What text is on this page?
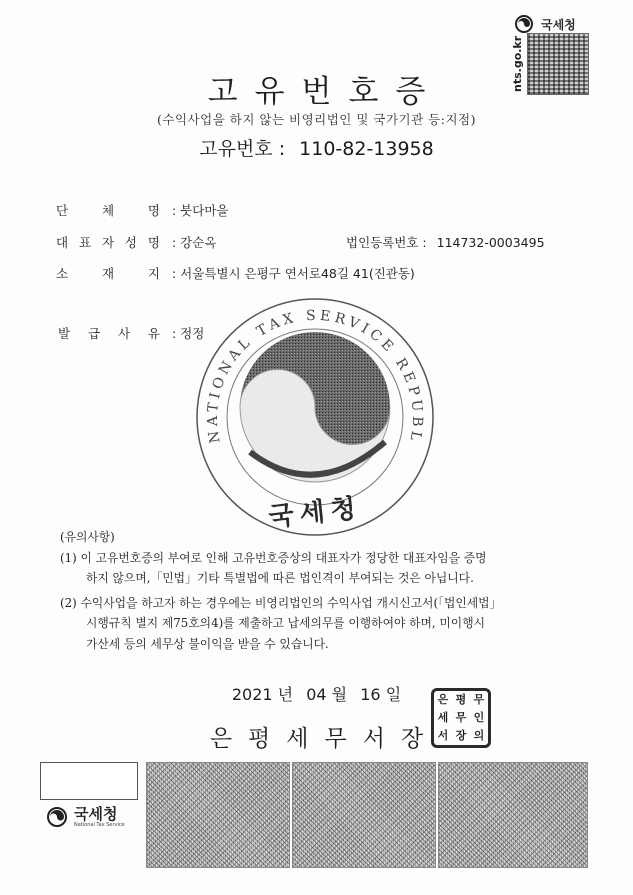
국세청
nts.go.kr
고유번호증
(수익사업을 하지 않는 비영리법인 및 국가기관 등:지점)
고유번호 : 110-82-13958
단	체	명 : 붓다마을
대 표 자 성 명 : 강순옥	법인등록번호 : 114732-0003495
소	재	지 : 서울특별시 은평구 연서로48길 41(진관동)
발 급 사 유 : 정정
NATIONAL TAX SERVICE REPUBL
국세청
(유의사항)
(1) 이 고유번호증의 부여로 인해 고유번호증상의 대표자가 정당한 대표자임을 증명
하지 않으며,「민법」기타 특별법에 따른 법인격이 부여되는 것은 아닙니다.
(2) 수익사업을 하고자 하는 경우에는 비영리법인의 수익사업 개시신고서(「법인세법」
시행규칙 별지 제75호의4)를 제출하고 납세의무를 이행하여야 하며, 미이행시
가산세 등의 세무상 불이익을 받을 수 있습니다.
2021 년 04 월 16 일
은평세무서장
은 평 무
세 무 인
서 장 의
국세청
National Tax Service
